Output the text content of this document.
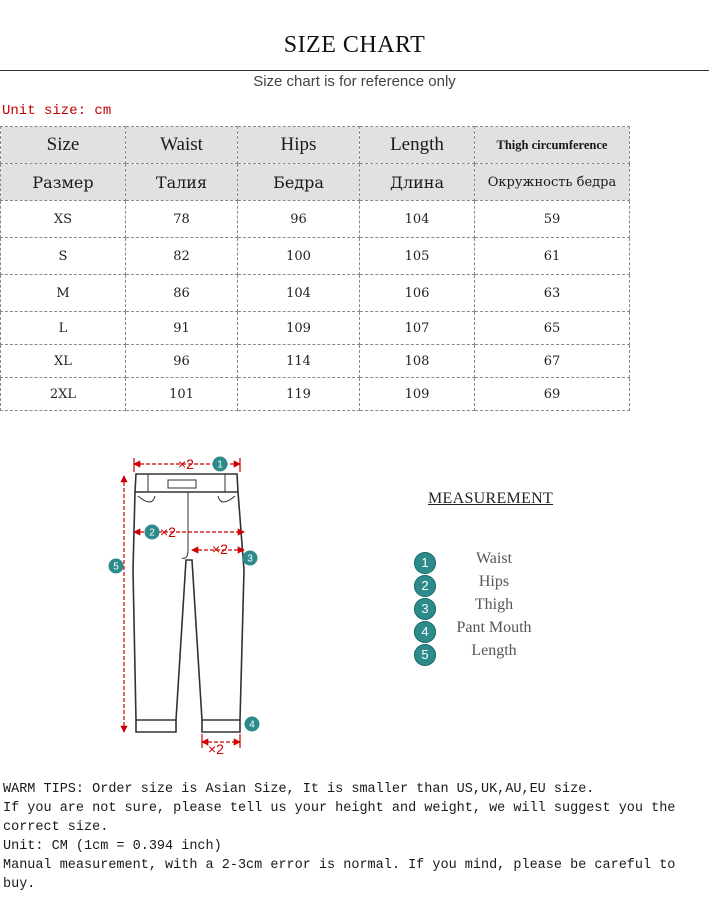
SIZE CHART
Size chart is for reference only
Unit size: cm
Size	Waist	Hips	Length	Thigh circumference
Размер	Талия	Бедра	Длина	Окружность бедра
XS	78	96	104	59
S	82	100	105	61
M	86	104	106	63
L	91	109	107	65
XL	96	114	108	67
2XL	101	119	109	69
×2
×2
×2
×2
1
2
3
4
5
MEASUREMENT
1	Waist
2	Hips
3	Thigh
4	Pant Mouth
5	Length

WARM TIPS: Order size is Asian Size, It is smaller than US,UK,AU,EU size.

If you are not sure, please tell us your height and weight, we will suggest you the correct size.

Unit: CM (1cm = 0.394 inch)

Manual measurement, with a 2-3cm error is normal. If you mind, please be careful to buy.
